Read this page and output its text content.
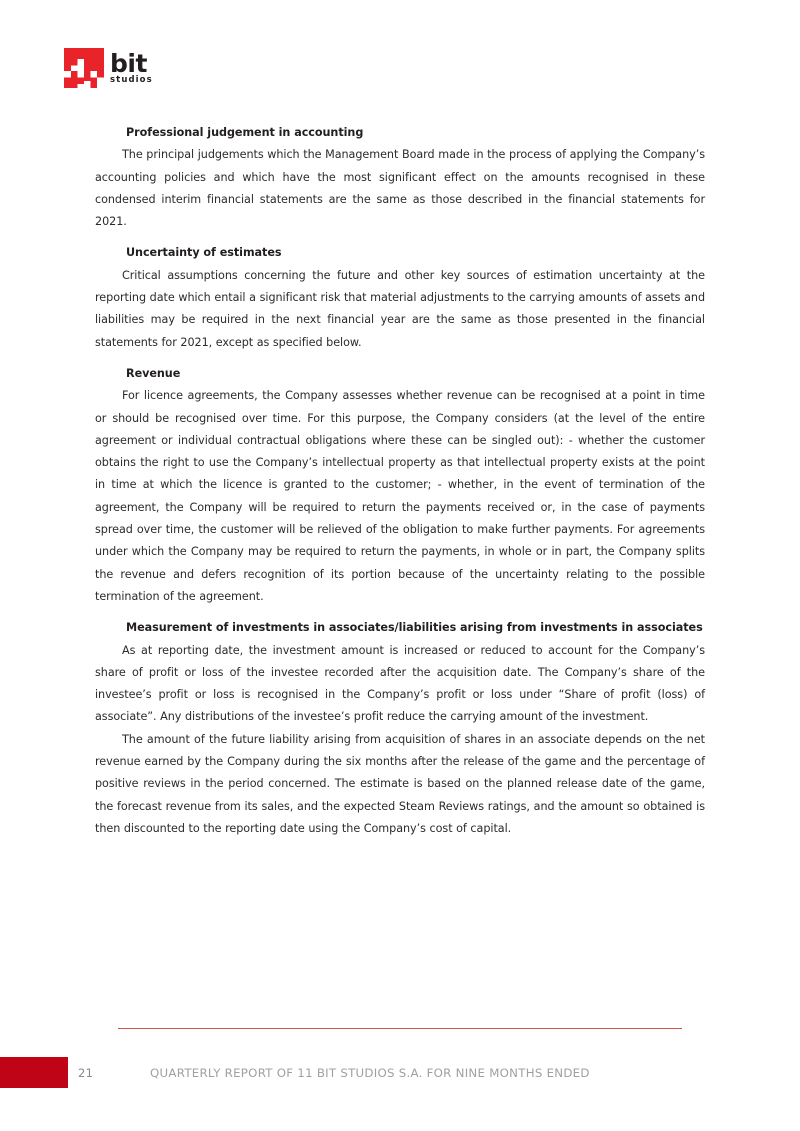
bit
studios
Professional judgement in accounting

The principal judgements which the Management Board made in the process of applying the Company’s accounting policies and which have the most significant effect on the amounts recognised in these condensed interim financial statements are the same as those described in the financial statements for 2021.

Uncertainty of estimates

Critical assumptions concerning the future and other key sources of estimation uncertainty at the reporting date which entail a significant risk that material adjustments to the carrying amounts of assets and liabilities may be required in the next financial year are the same as those presented in the financial statements for 2021, except as specified below.

Revenue

For licence agreements, the Company assesses whether revenue can be recognised at a point in time or should be recognised over time. For this purpose, the Company considers (at the level of the entire agreement or individual contractual obligations where these can be singled out): - whether the customer obtains the right to use the Company’s intellectual property as that intellectual property exists at the point in time at which the licence is granted to the customer; - whether, in the event of termination of the agreement, the Company will be required to return the payments received or, in the case of payments spread over time, the customer will be relieved of the obligation to make further payments. For agreements under which the Company may be required to return the payments, in whole or in part, the Company splits the revenue and defers recognition of its portion because of the uncertainty relating to the possible termination of the agreement.

Measurement of investments in associates/liabilities arising from investments in associates

As at reporting date, the investment amount is increased or reduced to account for the Company’s share of profit or loss of the investee recorded after the acquisition date. The Company’s share of the investee’s profit or loss is recognised in the Company’s profit or loss under “Share of profit (loss) of associate”. Any distributions of the investee’s profit reduce the carrying amount of the investment.

The amount of the future liability arising from acquisition of shares in an associate depends on the net revenue earned by the Company during the six months after the release of the game and the percentage of positive reviews in the period concerned. The estimate is based on the planned release date of the game, the forecast revenue from its sales, and the expected Steam Reviews ratings, and the amount so obtained is then discounted to the reporting date using the Company’s cost of capital.

21	QUARTERLY REPORT OF 11 BIT STUDIOS S.A. FOR NINE MONTHS ENDED
